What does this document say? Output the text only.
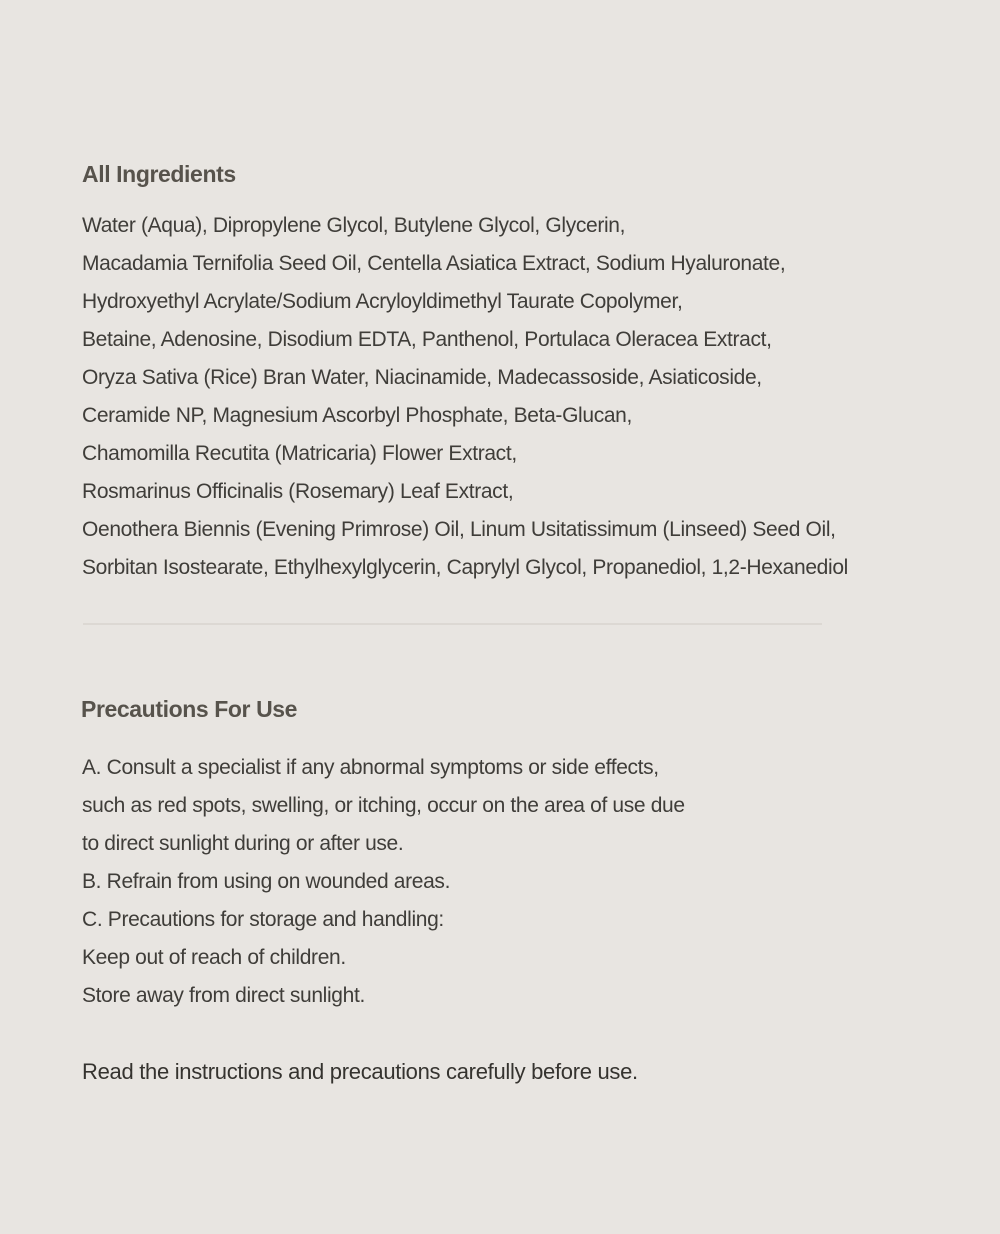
All Ingredients
Water (Aqua), Dipropylene Glycol, Butylene Glycol, Glycerin,
Macadamia Ternifolia Seed Oil, Centella Asiatica Extract, Sodium Hyaluronate,
Hydroxyethyl Acrylate/Sodium Acryloyldimethyl Taurate Copolymer,
Betaine, Adenosine, Disodium EDTA, Panthenol, Portulaca Oleracea Extract,
Oryza Sativa (Rice) Bran Water, Niacinamide, Madecassoside, Asiaticoside,
Ceramide NP, Magnesium Ascorbyl Phosphate, Beta-Glucan,
Chamomilla Recutita (Matricaria) Flower Extract,
Rosmarinus Officinalis (Rosemary) Leaf Extract,
Oenothera Biennis (Evening Primrose) Oil, Linum Usitatissimum (Linseed) Seed Oil,
Sorbitan Isostearate, Ethylhexylglycerin, Caprylyl Glycol, Propanediol, 1,2-Hexanediol
Precautions For Use
A. Consult a specialist if any abnormal symptoms or side effects,
such as red spots, swelling, or itching, occur on the area of use due
to direct sunlight during or after use.
B. Refrain from using on wounded areas.
C. Precautions for storage and handling:
Keep out of reach of children.
Store away from direct sunlight.

Read the instructions and precautions carefully before use.
